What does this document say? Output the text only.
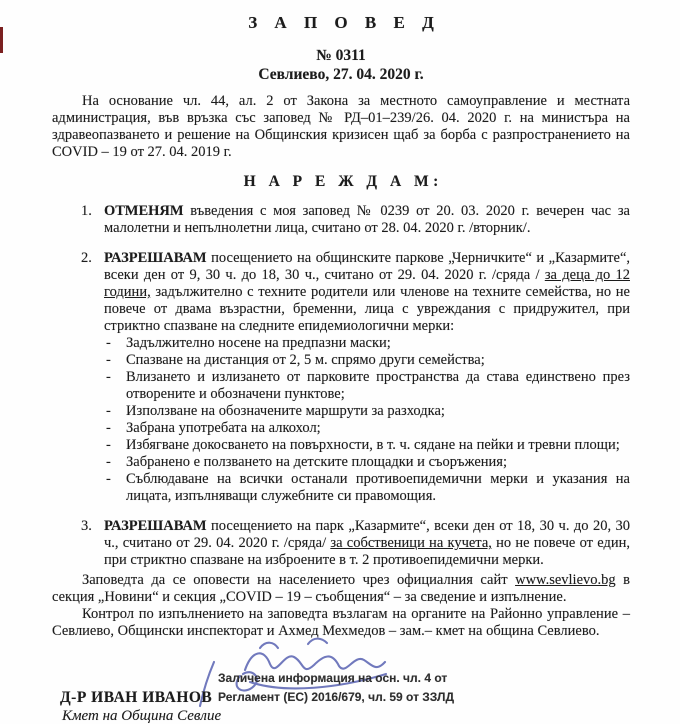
З А П О В Е Д
№ 0311
Севлиево, 27. 04. 2020 г.
На основание чл. 44, ал. 2 от Закона за местното самоуправление и местната администрация, във връзка със заповед № РД–01–239/26. 04. 2020 г. на министъра на здравеопазването и решение на Общинския кризисен щаб за борба с разпространението на COVID – 19 от 27. 04. 2019 г.
Н А Р Е Ж Д А М:
1. ОТМЕНЯМ въведения с моя заповед № 0239 от 20. 03. 2020 г. вечерен час за малолетни и непълнолетни лица, считано от 28. 04. 2020 г. /вторник/.
2. РАЗРЕШАВАМ посещението на общинските паркове „Черничките“ и „Казармите“, всеки ден от 9, 30 ч. до 18, 30 ч., считано от 29. 04. 2020 г. /сряда / за деца до 12 години, задължително с техните родители или членове на техните семейства, но не повече от двама възрастни, бременни, лица с увреждания с придружител, при стриктно спазване на следните епидемиологични мерки:
- Задължително носене на предпазни маски;
- Спазване на дистанция от 2, 5 м. спрямо други семейства;
- Влизането и излизането от парковите пространства да става единствено през отворените и обозначени пунктове;
- Използване на обозначените маршрути за разходка;
- Забрана употребата на алкохол;
- Избягване докосването на повърхности, в т. ч. сядане на пейки и тревни площи;
- Забранено е ползването на детските площадки и съоръжения;
- Съблюдаване на всички останали противоепидемични мерки и указания на лицата, изпълняващи служебните си правомощия.
3. РАЗРЕШАВАМ посещението на парк „Казармите“, всеки ден от 18, 30 ч. до 20, 30 ч., считано от 29. 04. 2020 г. /сряда/ за собственици на кучета, но не повече от един, при стриктно спазване на изброените в т. 2 противоепидемични мерки.
Заповедта да се оповести на населението чрез официалния сайт www.sevlievo.bg в секция „Новини“ и секция „COVID – 19 – съобщения“ – за сведение и изпълнение.
Контрол по изпълнението на заповедта възлагам на органите на Районно управление – Севлиево, Общински инспекторат и Ахмед Мехмедов – зам.– кмет на община Севлиево.
Заличена информация на осн. чл. 4 от
Регламент (ЕС) 2016/679, чл. 59 от ЗЗЛД
Д-Р ИВАН ИВАНОВ
Кмет на Община Севлие
